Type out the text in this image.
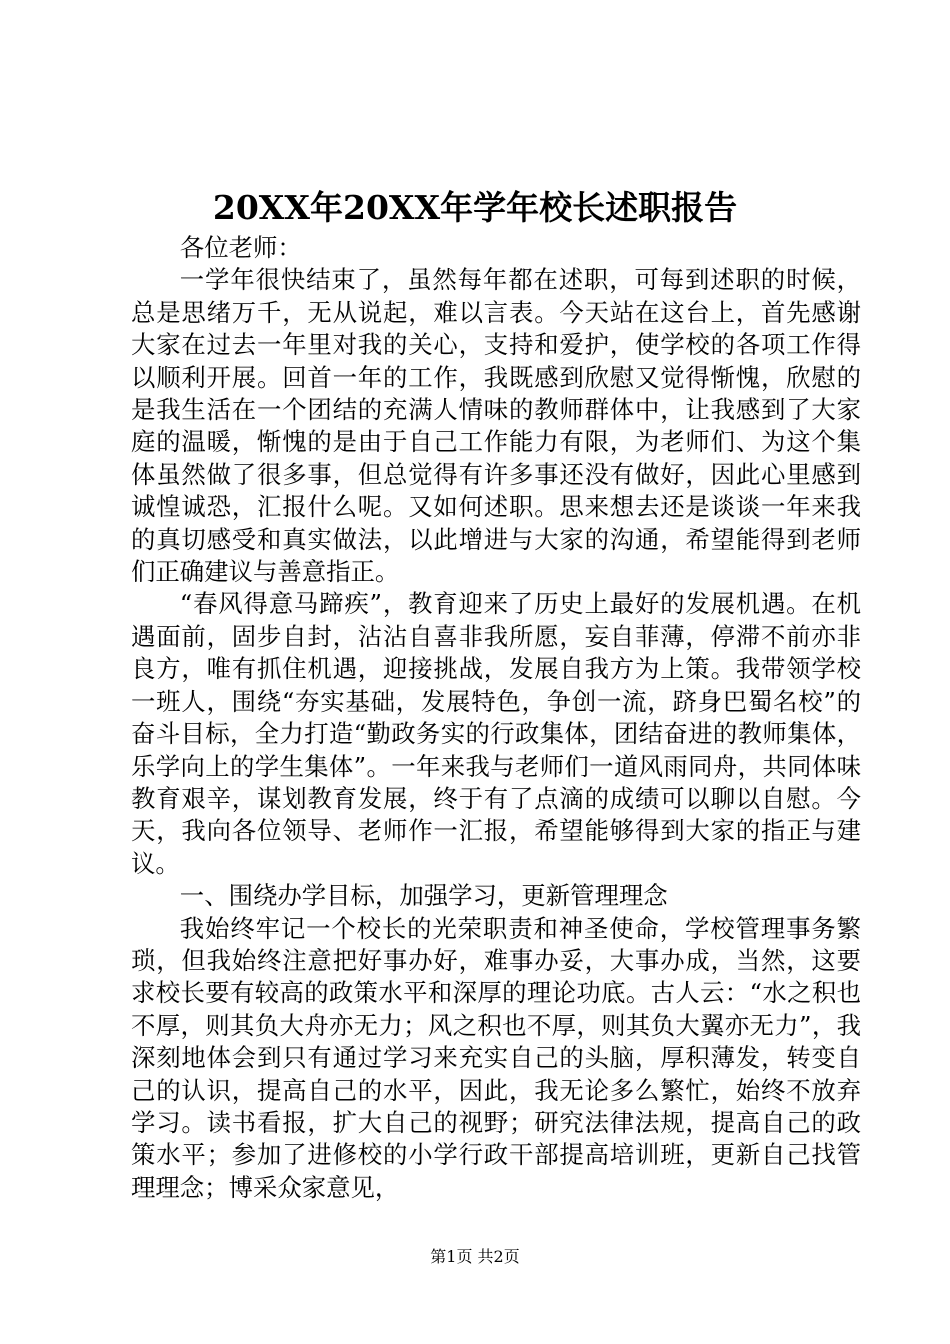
20XX年20XX年学年校长述职报告

各位老师：

一学年很快结束了，虽然每年都在述职，可每到述职的时候，总是思绪万千，无从说起，难以言表。今天站在这台上，首先感谢大家在过去一年里对我的关心，支持和爱护，使学校的各项工作得以顺利开展。回首一年的工作，我既感到欣慰又觉得惭愧，欣慰的是我生活在一个团结的充满人情味的教师群体中，让我感到了大家庭的温暖，惭愧的是由于自己工作能力有限，为老师们、为这个集体虽然做了很多事，但总觉得有许多事还没有做好，因此心里感到诚惶诚恐，汇报什么呢。又如何述职。思来想去还是谈谈一年来我的真切感受和真实做法，以此增进与大家的沟通，希望能得到老师们正确建议与善意指正。

“春风得意马蹄疾”，教育迎来了历史上最好的发展机遇。在机遇面前，固步自封，沾沾自喜非我所愿，妄自菲薄，停滞不前亦非良方，唯有抓住机遇，迎接挑战，发展自我方为上策。我带领学校一班人，围绕“夯实基础，发展特色，争创一流，跻身巴蜀名校”的奋斗目标，全力打造“勤政务实的行政集体，团结奋进的教师集体，乐学向上的学生集体”。一年来我与老师们一道风雨同舟，共同体味教育艰辛，谋划教育发展，终于有了点滴的成绩可以聊以自慰。今天，我向各位领导、老师作一汇报，希望能够得到大家的指正与建议。

一、围绕办学目标，加强学习，更新管理理念

我始终牢记一个校长的光荣职责和神圣使命，学校管理事务繁琐，但我始终注意把好事办好，难事办妥，大事办成，当然，这要求校长要有较高的政策水平和深厚的理论功底。古人云：“水之积也不厚，则其负大舟亦无力；风之积也不厚，则其负大翼亦无力”，我深刻地体会到只有通过学习来充实自己的头脑，厚积薄发，转变自己的认识，提高自己的水平，因此，我无论多么繁忙，始终不放弃学习。读书看报，扩大自己的视野；研究法律法规，提高自己的政策水平；参加了进修校的小学行政干部提高培训班，更新自己找管理理念；博采众家意见，

第1页 共2页
